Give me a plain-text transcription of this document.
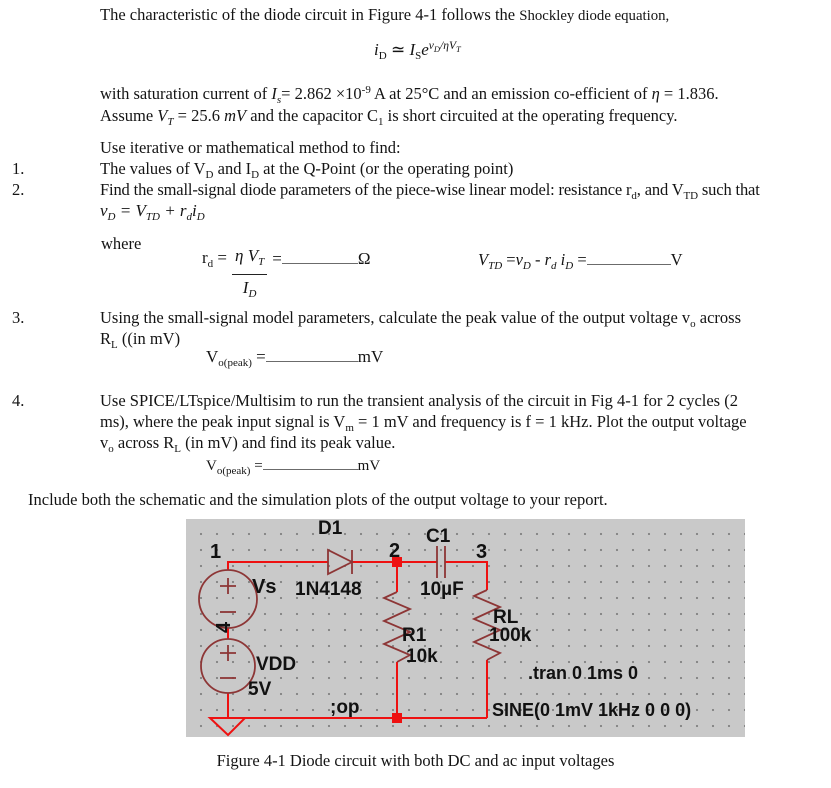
The characteristic of the diode circuit in Figure 4-1 follows the Shockley diode equation,
$i_D$ ≃ $I_Se^vD^{/\eta V}T$
with saturation current of $I_s= 2.862 \times 10^{-9}$ A at 25°C and an emission co-efficient of η = 1.836.
Assume $V_T = 25.6$ mV and the capacitor $C_1$ is short circuited at the operating frequency.
Use iterative or mathematical method to find:
1.	The values of $V_D$ and $I_D$ at the Q-Point (or the operating point)
2.	Find the small-signal diode parameters of the piece-wise linear model: resistance $r_d$, and $V_{TD}$ such that
$v_D = V_{TD} + r_di_D$
where
$r_d = \frac{\eta V_T}{I_D}$ =	Ω	$V_{TD} =v_D - r_d$ $i_D$ =	V
3.	Using the small-signal model parameters, calculate the peak value of the output voltage $v_o$ across
$R_L$ ((in mV)
$V_{o(peak)}$ =	mV
4.	Use SPICE/LTspice/Multisim to run the transient analysis of the circuit in Fig 4-1 for 2 cycles (2
ms), where the peak input signal is $V_m = 1$ mV and frequency is f = 1 kHz. Plot the output voltage
$v_o$ across $R_L$ (in mV) and find its peak value.
$V_{o(peak)}$ =	mV
Include both the schematic and the simulation plots of the output voltage to your report.
1
D1
2
C1
3
Vs 1N4148	10µF
4
VDD
5V
R1
10k
RL
100k
;op
.tran 0 1ms 0
SINE(0 1mV 1kHz 0 0 0)
Figure 4-1 Diode circuit with both DC and ac input voltages
